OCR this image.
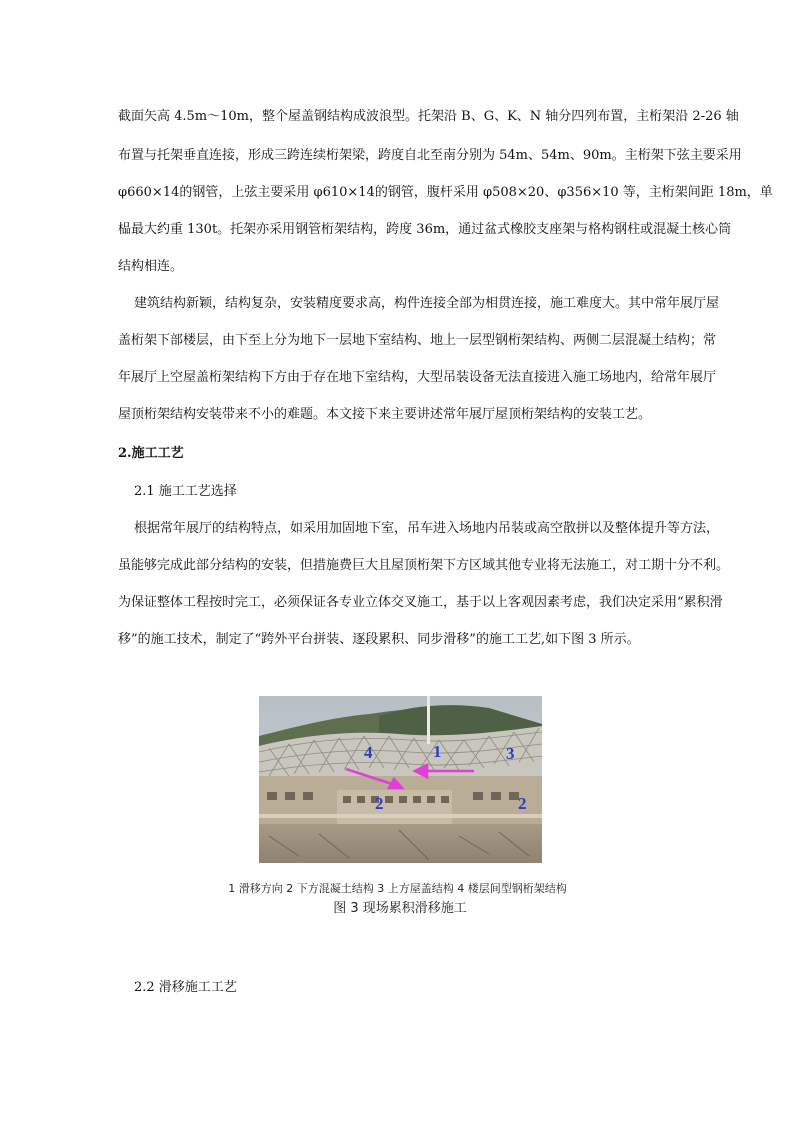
截面矢高 4.5m～10m，整个屋盖钢结构成波浪型。托架沿 B、G、K、N 轴分四列布置，主桁架沿 2-26 轴
布置与托架垂直连接，形成三跨连续桁架梁，跨度自北至南分别为 54m、54m、90m。主桁架下弦主要采用
φ660×14的钢管，上弦主要采用 φ610×14的钢管，腹杆采用 φ508×20、φ356×10 等，主桁架间距 18m，单
榀最大约重 130t。托架亦采用钢管桁架结构，跨度 36m，通过盆式橡胶支座架与格构钢柱或混凝土核心筒
结构相连。
建筑结构新颖，结构复杂，安装精度要求高，构件连接全部为相贯连接，施工难度大。其中常年展厅屋
盖桁架下部楼层，由下至上分为地下一层地下室结构、地上一层型钢桁架结构、两侧二层混凝土结构；常
年展厅上空屋盖桁架结构下方由于存在地下室结构，大型吊装设备无法直接进入施工场地内，给常年展厅
屋顶桁架结构安装带来不小的难题。本文接下来主要讲述常年展厅屋顶桁架结构的安装工艺。
2.施工工艺
2.1 施工工艺选择
根据常年展厅的结构特点，如采用加固地下室，吊车进入场地内吊装或高空散拼以及整体提升等方法，
虽能够完成此部分结构的安装，但措施费巨大且屋顶桁架下方区域其他专业将无法施工，对工期十分不利。
为保证整体工程按时完工，必须保证各专业立体交叉施工，基于以上客观因素考虑，我们决定采用“累积滑
移”的施工技术，制定了“跨外平台拼装、逐段累积、同步滑移”的施工工艺,如下图 3 所示。
4	1	3
2	2
1 滑移方向 2 下方混凝土结构 3 上方屋盖结构 4 楼层间型钢桁架结构
图 3 现场累积滑移施工
2.2 滑移施工工艺
